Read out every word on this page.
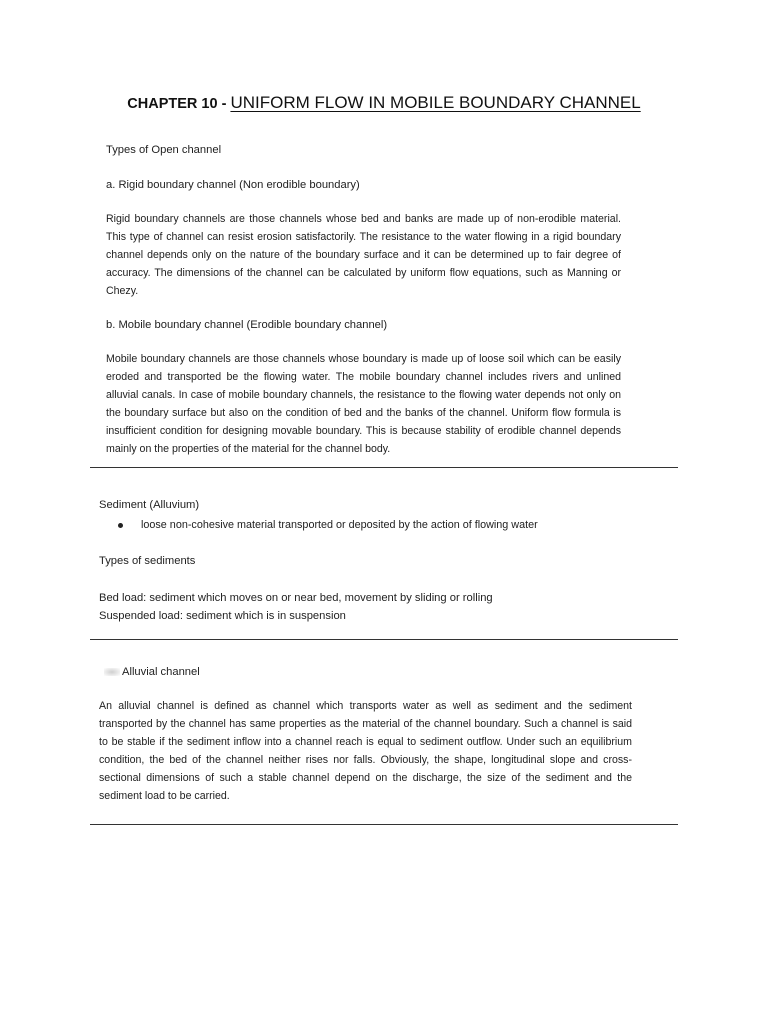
CHAPTER 10 - UNIFORM FLOW IN MOBILE BOUNDARY CHANNEL

Types of Open channel

a. Rigid boundary channel (Non erodible boundary)

Rigid boundary channels are those channels whose bed and banks are made up of non-erodible material. This type of channel can resist erosion satisfactorily. The resistance to the water flowing in a rigid boundary channel depends only on the nature of the boundary surface and it can be determined up to fair degree of accuracy. The dimensions of the channel can be calculated by uniform flow equations, such as Manning or Chezy.

b. Mobile boundary channel (Erodible boundary channel)

Mobile boundary channels are those channels whose boundary is made up of loose soil which can be easily eroded and transported be the flowing water. The mobile boundary channel includes rivers and unlined alluvial canals. In case of mobile boundary channels, the resistance to the flowing water depends not only on the boundary surface but also on the condition of bed and the banks of the channel. Uniform flow formula is insufficient condition for designing movable boundary. This is because stability of erodible channel depends mainly on the properties of the material for the channel body.

Sediment (Alluvium)

loose non-cohesive material transported or deposited by the action of flowing water

Types of sediments

Bed load: sediment which moves on or near bed, movement by sliding or rolling

Suspended load: sediment which is in suspension

Alluvial channel

An alluvial channel is defined as channel which transports water as well as sediment and the sediment transported by the channel has same properties as the material of the channel boundary. Such a channel is said to be stable if the sediment inflow into a channel reach is equal to sediment outflow. Under such an equilibrium condition, the bed of the channel neither rises nor falls. Obviously, the shape, longitudinal slope and cross-sectional dimensions of such a stable channel depend on the discharge, the size of the sediment and the sediment load to be carried.
